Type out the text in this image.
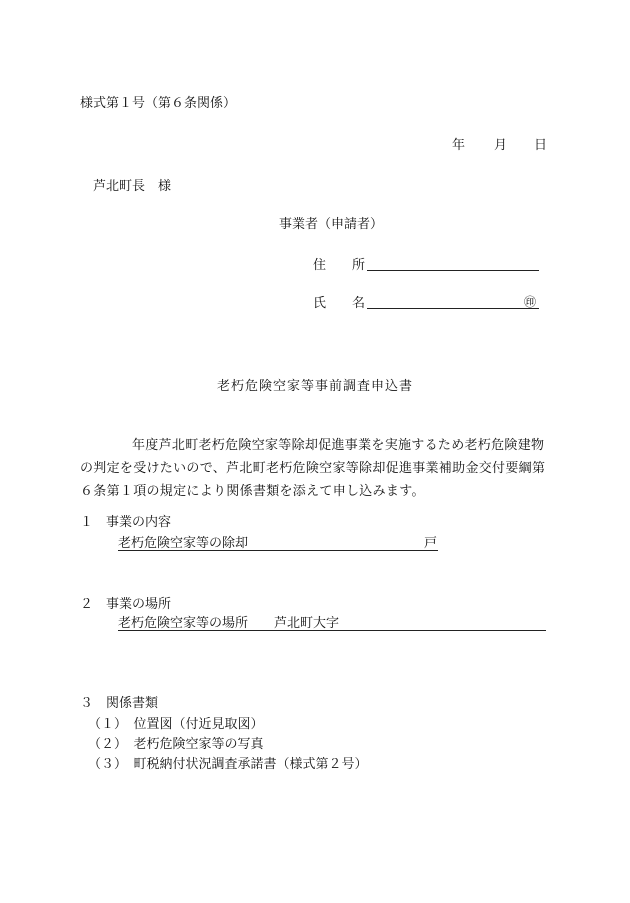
様式第１号（第６条関係）
年 月 日
芦北町長　様
事業者（申請者）
住　　所
氏　　名	㊞
老朽危険空家等事前調査申込書
年度芦北町老朽危険空家等除却促進事業を実施するため老朽危険建物の判定を受けたいので、芦北町老朽危険空家等除却促進事業補助金交付要綱第６条第１項の規定により関係書類を添えて申し込みます。
１　事業の内容
老朽危険空家等の除却	戸
２　事業の場所
老朽危険空家等の場所　　芦北町大字
３　関係書類
（１）　位置図（付近見取図）
（２）　老朽危険空家等の写真
（３）　町税納付状況調査承諾書（様式第２号）
